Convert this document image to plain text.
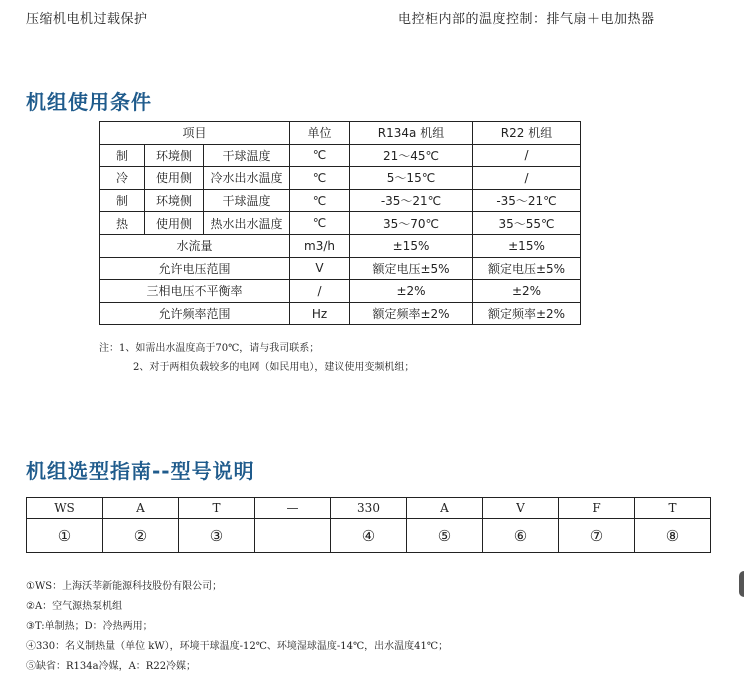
压缩机电机过载保护	电控柜内部的温度控制：排气扇＋电加热器
机组使用条件
项目			单位	R134a 机组	R22 机组
制	环境侧	干球温度	℃	21～45℃	/
冷	使用侧	冷水出水温度	℃	5～15℃	/
制	环境侧	干球温度	℃	-35～21℃	-35～21℃
热	使用侧	热水出水温度	℃	35～70℃	35～55℃
水流量			m3/h	±15%	±15%
允许电压范围			V	额定电压±5%	额定电压±5%
三相电压不平衡率			/	±2%	±2%
允许频率范围			Hz	额定频率±2%	额定频率±2%
注：1、如需出水温度高于70℃，请与我司联系；
2、对于两相负载较多的电网（如民用电），建议使用变频机组；
机组选型指南--型号说明
WS	A	T	—	330	A	V	F	T
①	②	③		④	⑤	⑥	⑦	⑧
①WS：上海沃莘新能源科技股份有限公司；
②A：空气源热泵机组
③T:单制热；D：冷热两用；
④330：名义制热量（单位 kW），环境干球温度-12℃、环境湿球温度-14℃，出水温度41℃；
⑤缺省：R134a冷媒，A：R22冷媒；
